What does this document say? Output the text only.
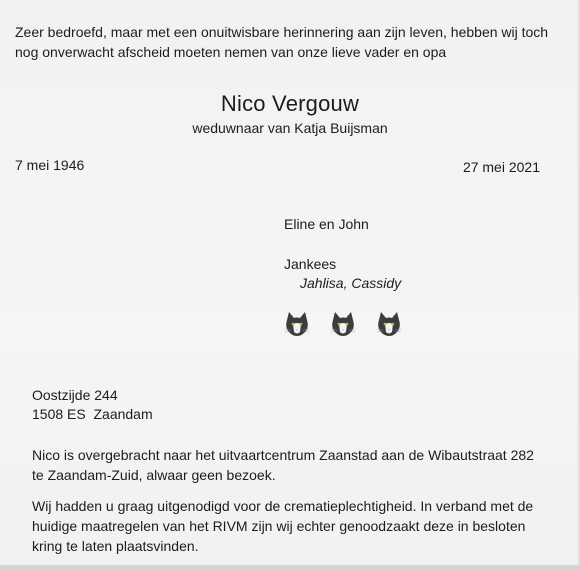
Zeer bedroefd, maar met een onuitwisbare herinnering aan zijn leven, hebben wij toch nog onverwacht afscheid moeten nemen van onze lieve vader en opa
Nico Vergouw
weduwnaar van Katja Buijsman
7 mei 1946	27 mei 2021
Eline en John
Jankees
Jahlisa, Cassidy
Oostzijde 244
1508 ES  Zaandam
Nico is overgebracht naar het uitvaartcentrum Zaanstad aan de Wibautstraat 282 te Zaandam-Zuid, alwaar geen bezoek.
Wij hadden u graag uitgenodigd voor de crematieplechtigheid. In verband met de huidige maatregelen van het RIVM zijn wij echter genoodzaakt deze in besloten kring te laten plaatsvinden.
